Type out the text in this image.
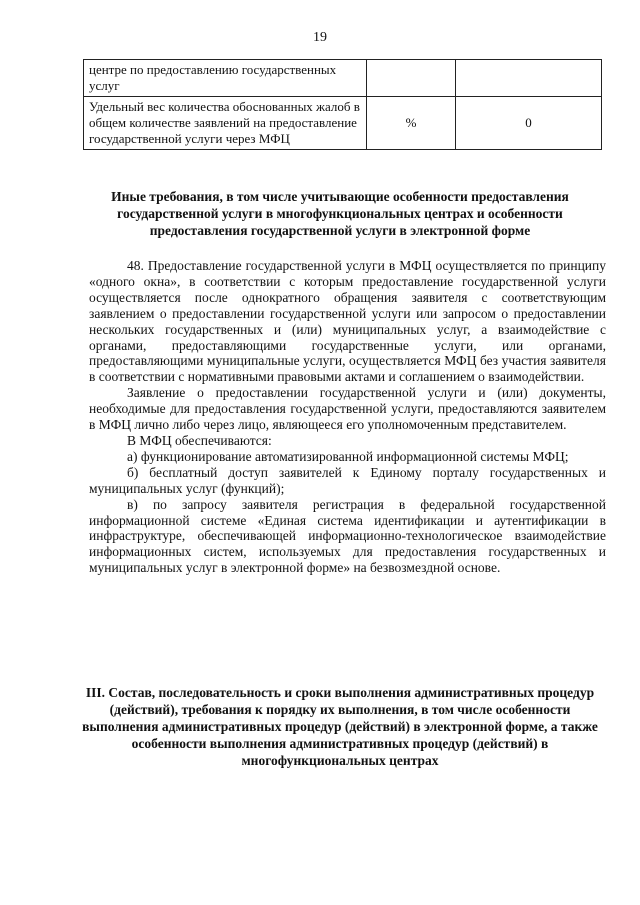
19
центре по предоставлению государственных услуг		
Удельный вес количества обоснованных жалоб в общем количестве заявлений на предоставление государственной услуги через МФЦ	%	0
Иные требования, в том числе учитывающие особенности предоставления государственной услуги в многофункциональных центрах и особенности предоставления государственной услуги в электронной форме

48. Предоставление государственной услуги в МФЦ осуществляется по принципу «одного окна», в соответствии с которым предоставление государственной услуги осуществляется после однократного обращения заявителя с соответствующим заявлением о предоставлении государственной услуги или запросом о предоставлении нескольких государственных и (или) муниципальных услуг, а взаимодействие с органами, предоставляющими государственные услуги, или органами, предоставляющими муниципальные услуги, осуществляется МФЦ без участия заявителя в соответствии с нормативными правовыми актами и соглашением о взаимодействии.

Заявление о предоставлении государственной услуги и (или) документы, необходимые для предоставления государственной услуги, предоставляются заявителем в МФЦ лично либо через лицо, являющееся его уполномоченным представителем.

В МФЦ обеспечиваются:

а) функционирование автоматизированной информационной системы МФЦ;

б) бесплатный доступ заявителей к Единому порталу государственных и муниципальных услуг (функций);

в) по запросу заявителя регистрация в федеральной государственной информационной системе «Единая система идентификации и аутентификации в инфраструктуре, обеспечивающей информационно-технологическое взаимодействие информационных систем, используемых для предоставления государственных и муниципальных услуг в электронной форме» на безвозмездной основе.

III. Состав, последовательность и сроки выполнения административных процедур (действий), требования к порядку их выполнения, в том числе особенности выполнения административных процедур (действий) в электронной форме, а также особенности выполнения административных процедур (действий) в многофункциональных центрах
